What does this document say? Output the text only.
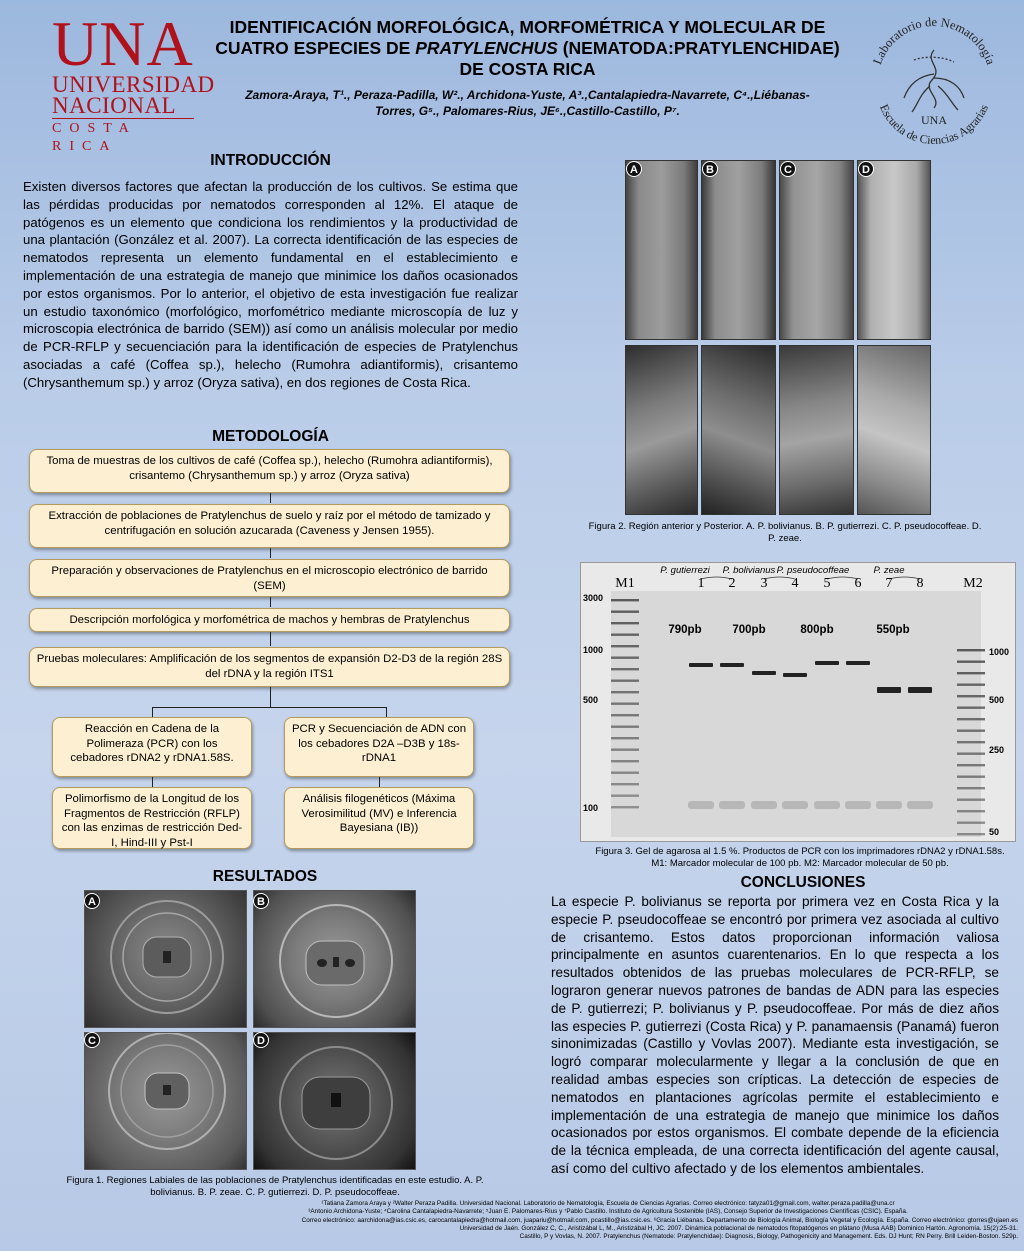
UNA
UNIVERSIDAD
NACIONAL
COSTA RICA
IDENTIFICACIÓN MORFOLÓGICA, MORFOMÉTRICA Y MOLECULAR DE
CUATRO ESPECIES DE PRATYLENCHUS (NEMATODA:PRATYLENCHIDAE)
DE COSTA RICA
Zamora-Araya, T¹., Peraza-Padilla, W²., Archidona-Yuste, A³.,Cantalapiedra-Navarrete, C⁴.,Liébanas-
Torres, G⁵., Palomares-Rius, JE⁶.,Castillo-Castillo, P⁷.
Laboratorio de Nematología
Escuela de Ciencias Agrarias
UNA
INTRODUCCIÓN
Existen diversos factores que afectan la producción de los cultivos. Se estima que las pérdidas producidas por nematodos corresponden al 12%. El ataque de patógenos es un elemento que condiciona los rendimientos y la productividad de una plantación (González et al. 2007). La correcta identificación de las especies de nematodos representa un elemento fundamental en el establecimiento e implementación de una estrategia de manejo que minimice los daños ocasionados por estos organismos. Por lo anterior, el objetivo de esta investigación fue realizar un estudio taxonómico (morfológico, morfométrico mediante microscopía de luz y microscopia electrónica de barrido (SEM)) así como un análisis molecular por medio de PCR-RFLP y secuenciación para la identificación de especies de Pratylenchus asociadas a café (Coffea sp.), helecho (Rumohra adiantiformis), crisantemo (Chrysanthemum sp.) y arroz (Oryza sativa), en dos regiones de Costa Rica.
METODOLOGÍA
Toma de muestras de los cultivos de café (Coffea sp.), helecho (Rumohra adiantiformis), crisantemo (Chrysanthemum sp.) y arroz (Oryza sativa)
Extracción de poblaciones de Pratylenchus de suelo y raíz por el método de tamizado y centrifugación en solución azucarada (Caveness y Jensen 1955).
Preparación y observaciones de Pratylenchus en el microscopio electrónico de barrido (SEM)
Descripción morfológica y morfométrica de machos y hembras de Pratylenchus
Pruebas moleculares: Amplificación de los segmentos de expansión D2-D3 de la región 28S del rDNA y la región ITS1
Reacción en Cadena de la Polimeraza (PCR) con los cebadores rDNA2 y rDNA1.58S.
PCR y Secuenciación de ADN con los cebadores D2A –D3B y 18s-rDNA1
Polimorfismo de la Longitud de los Fragmentos de Restricción (RFLP) con las enzimas de restricción Ded-I, Hind-III y Pst-I
Análisis filogenéticos (Máxima Verosimilitud (MV) e Inferencia Bayesiana (IB))
RESULTADOS
A	B
C	D
Figura 1. Regiones Labiales de las poblaciones de Pratylenchus identificadas en este estudio. A. P. bolivianus. B. P. zeae. C. P. gutierrezi. D. P. pseudocoffeae.
A	B	C	D
Figura 2. Región anterior y Posterior. A. P. bolivianus. B. P. gutierrezi. C. P. pseudocoffeae. D. P. zeae.
P. gutierrezi P. bolivianus P. pseudocoffeae	P. zeae
M1	1 2 3 4 5 6 7 8	M2
3000
1000
500
100
1000
500
250
50
790pb	700pb	800pb	550pb
Figura 3. Gel de agarosa al 1.5 %. Productos de PCR con los imprimadores rDNA2 y rDNA1.58s. M1: Marcador molecular de 100 pb. M2: Marcador molecular de 50 pb.
CONCLUSIONES
La especie P. bolivianus se reporta por primera vez en Costa Rica y la especie P. pseudocoffeae se encontró por primera vez asociada al cultivo de crisantemo. Estos datos proporcionan información valiosa principalmente en asuntos cuarentenarios. En lo que respecta a los resultados obtenidos de las pruebas moleculares de PCR-RFLP, se lograron generar nuevos patrones de bandas de ADN para las especies de P. gutierrezi; P. bolivianus y P. pseudocoffeae. Por más de diez años las especies P. gutierrezi (Costa Rica) y P. panamaensis (Panamá) fueron sinonimizadas (Castillo y Vovlas 2007). Mediante esta investigación, se logró comparar molecularmente y llegar a la conclusión de que en realidad ambas especies son crípticas. La detección de especies de nematodos en plantaciones agrícolas permite el establecimiento e implementación de una estrategia de manejo que minimice los daños ocasionados por estos organismos. El combate depende de la eficiencia de la técnica empleada, de una correcta identificación del agente causal, así como del cultivo afectado y de los elementos ambientales.
¹Tatiana Zamora Araya y ²Walter Peraza Padilla. Universidad Nacional. Laboratorio de Nematología, Escuela de Ciencias Agrarias. Correo electrónico: tatyza01@gmail.com, walter.peraza.padilla@una.cr
³Antonio Archidona-Yuste; ⁴Carolina Cantalapiedra-Navarrete; ⁵Juan E. Palomares-Rius y ⁷Pablo Castillo. Instituto de Agricultura Sostenible (IAS), Consejo Superior de Investigaciones Científicas (CSIC). España.
Correo electrónico: aarchidona@ias.csic.es, carocantalapiedra@hotmail.com, juapariu@hotmail.com, pcastillo@ias.csic.es. ⁶Gracia Liébanas. Departamento de Biología Animal, Biología Vegetal y Ecología. España. Correo electrónico: gtorres@ujaen.es
Universidad de Jaén. González C, C., Aristizábal L, M., Aristizábal H, JC. 2007. Dinámica poblacional de nematodos fitopatógenos en plátano (Musa AAB) Dominico Hartón. Agronomía. 15(2):25-31.
Castillo, P y Vovlas, N. 2007. Pratylenchus (Nematode: Pratylenchidae): Diagnosis, Biology, Pathogenicity and Management. Eds. DJ Hunt; RN Perry. Brill Leiden-Boston. 529p.
